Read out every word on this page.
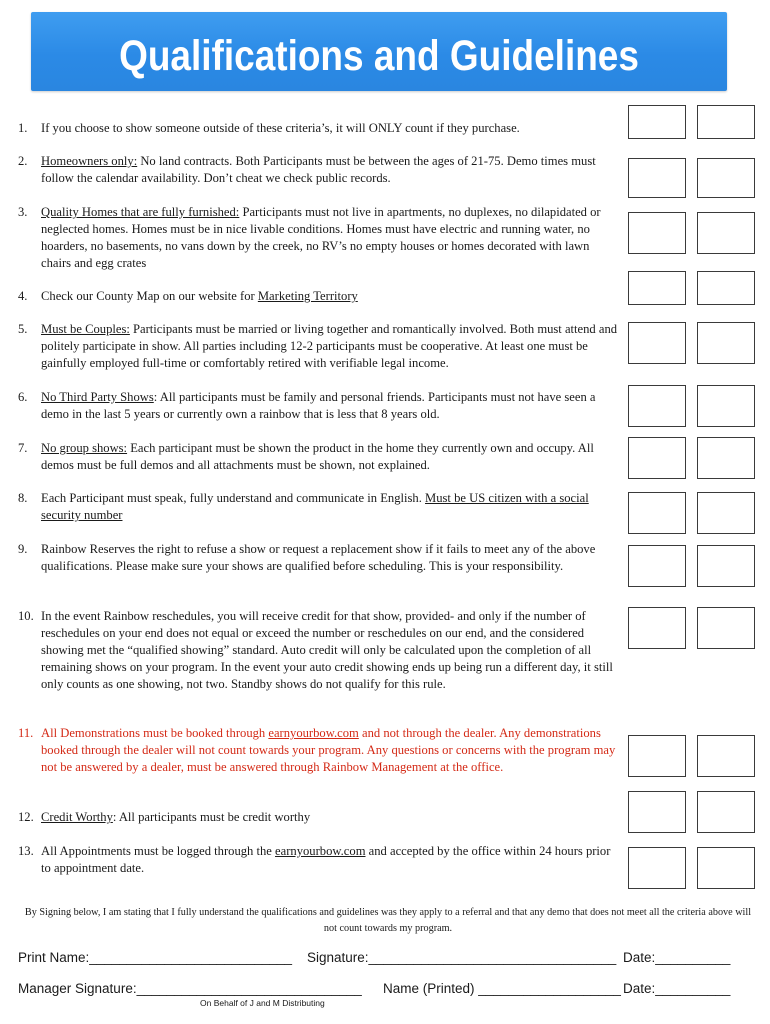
Qualifications and Guidelines
1.	If you choose to show someone outside of these criteria’s, it will ONLY count if they purchase.
2.	Homeowners only: No land contracts. Both Participants must be between the ages of 21-75. Demo times must follow the calendar availability. Don’t cheat we check public records.
3.	Quality Homes that are fully furnished: Participants must not live in apartments, no duplexes, no dilapidated or neglected homes. Homes must be in nice livable conditions. Homes must have electric and running water, no hoarders, no basements, no vans down by the creek, no RV’s no empty houses or homes decorated with lawn chairs and egg crates
4.	Check our County Map on our website for Marketing Territory
5.	Must be Couples: Participants must be married or living together and romantically involved. Both must attend and politely participate in show. All parties including 12-2 participants must be cooperative. At least one must be gainfully employed full-time or comfortably retired with verifiable legal income.
6.	No Third Party Shows: All participants must be family and personal friends. Participants must not have seen a demo in the last 5 years or currently own a rainbow that is less that 8 years old.
7.	No group shows: Each participant must be shown the product in the home they currently own and occupy. All demos must be full demos and all attachments must be shown, not explained.
8.	Each Participant must speak, fully understand and communicate in English. Must be US citizen with a social security number
9.	Rainbow Reserves the right to refuse a show or request a replacement show if it fails to meet any of the above qualifications. Please make sure your shows are qualified before scheduling. This is your responsibility.
10. In the event Rainbow reschedules, you will receive credit for that show, provided- and only if the number of reschedules on your end does not equal or exceed the number or reschedules on our end, and the considered showing met the “qualified showing” standard. Auto credit will only be calculated upon the completion of all remaining shows on your program. In the event your auto credit showing ends up being run a different day, it still only counts as one showing, not two. Standby shows do not qualify for this rule.
11. All Demonstrations must be booked through earnyourbow.com and not through the dealer. Any demonstrations booked through the dealer will not count towards your program. Any questions or concerns with the program may not be answered by a dealer, must be answered through Rainbow Management at the office.
12. Credit Worthy: All participants must be credit worthy
13. All Appointments must be logged through the earnyourbow.com and accepted by the office within 24 hours prior to appointment date.
By Signing below, I am stating that I fully understand the qualifications and guidelines was they apply to a referral and that any demo that does not meet all the criteria above will not count towards my program.
Print Name:___________________________ Signature:_________________________________ Date:__________
Manager Signature:______________________________ Name (Printed) ___________________ Date:__________
On Behalf of J and M Distributing
